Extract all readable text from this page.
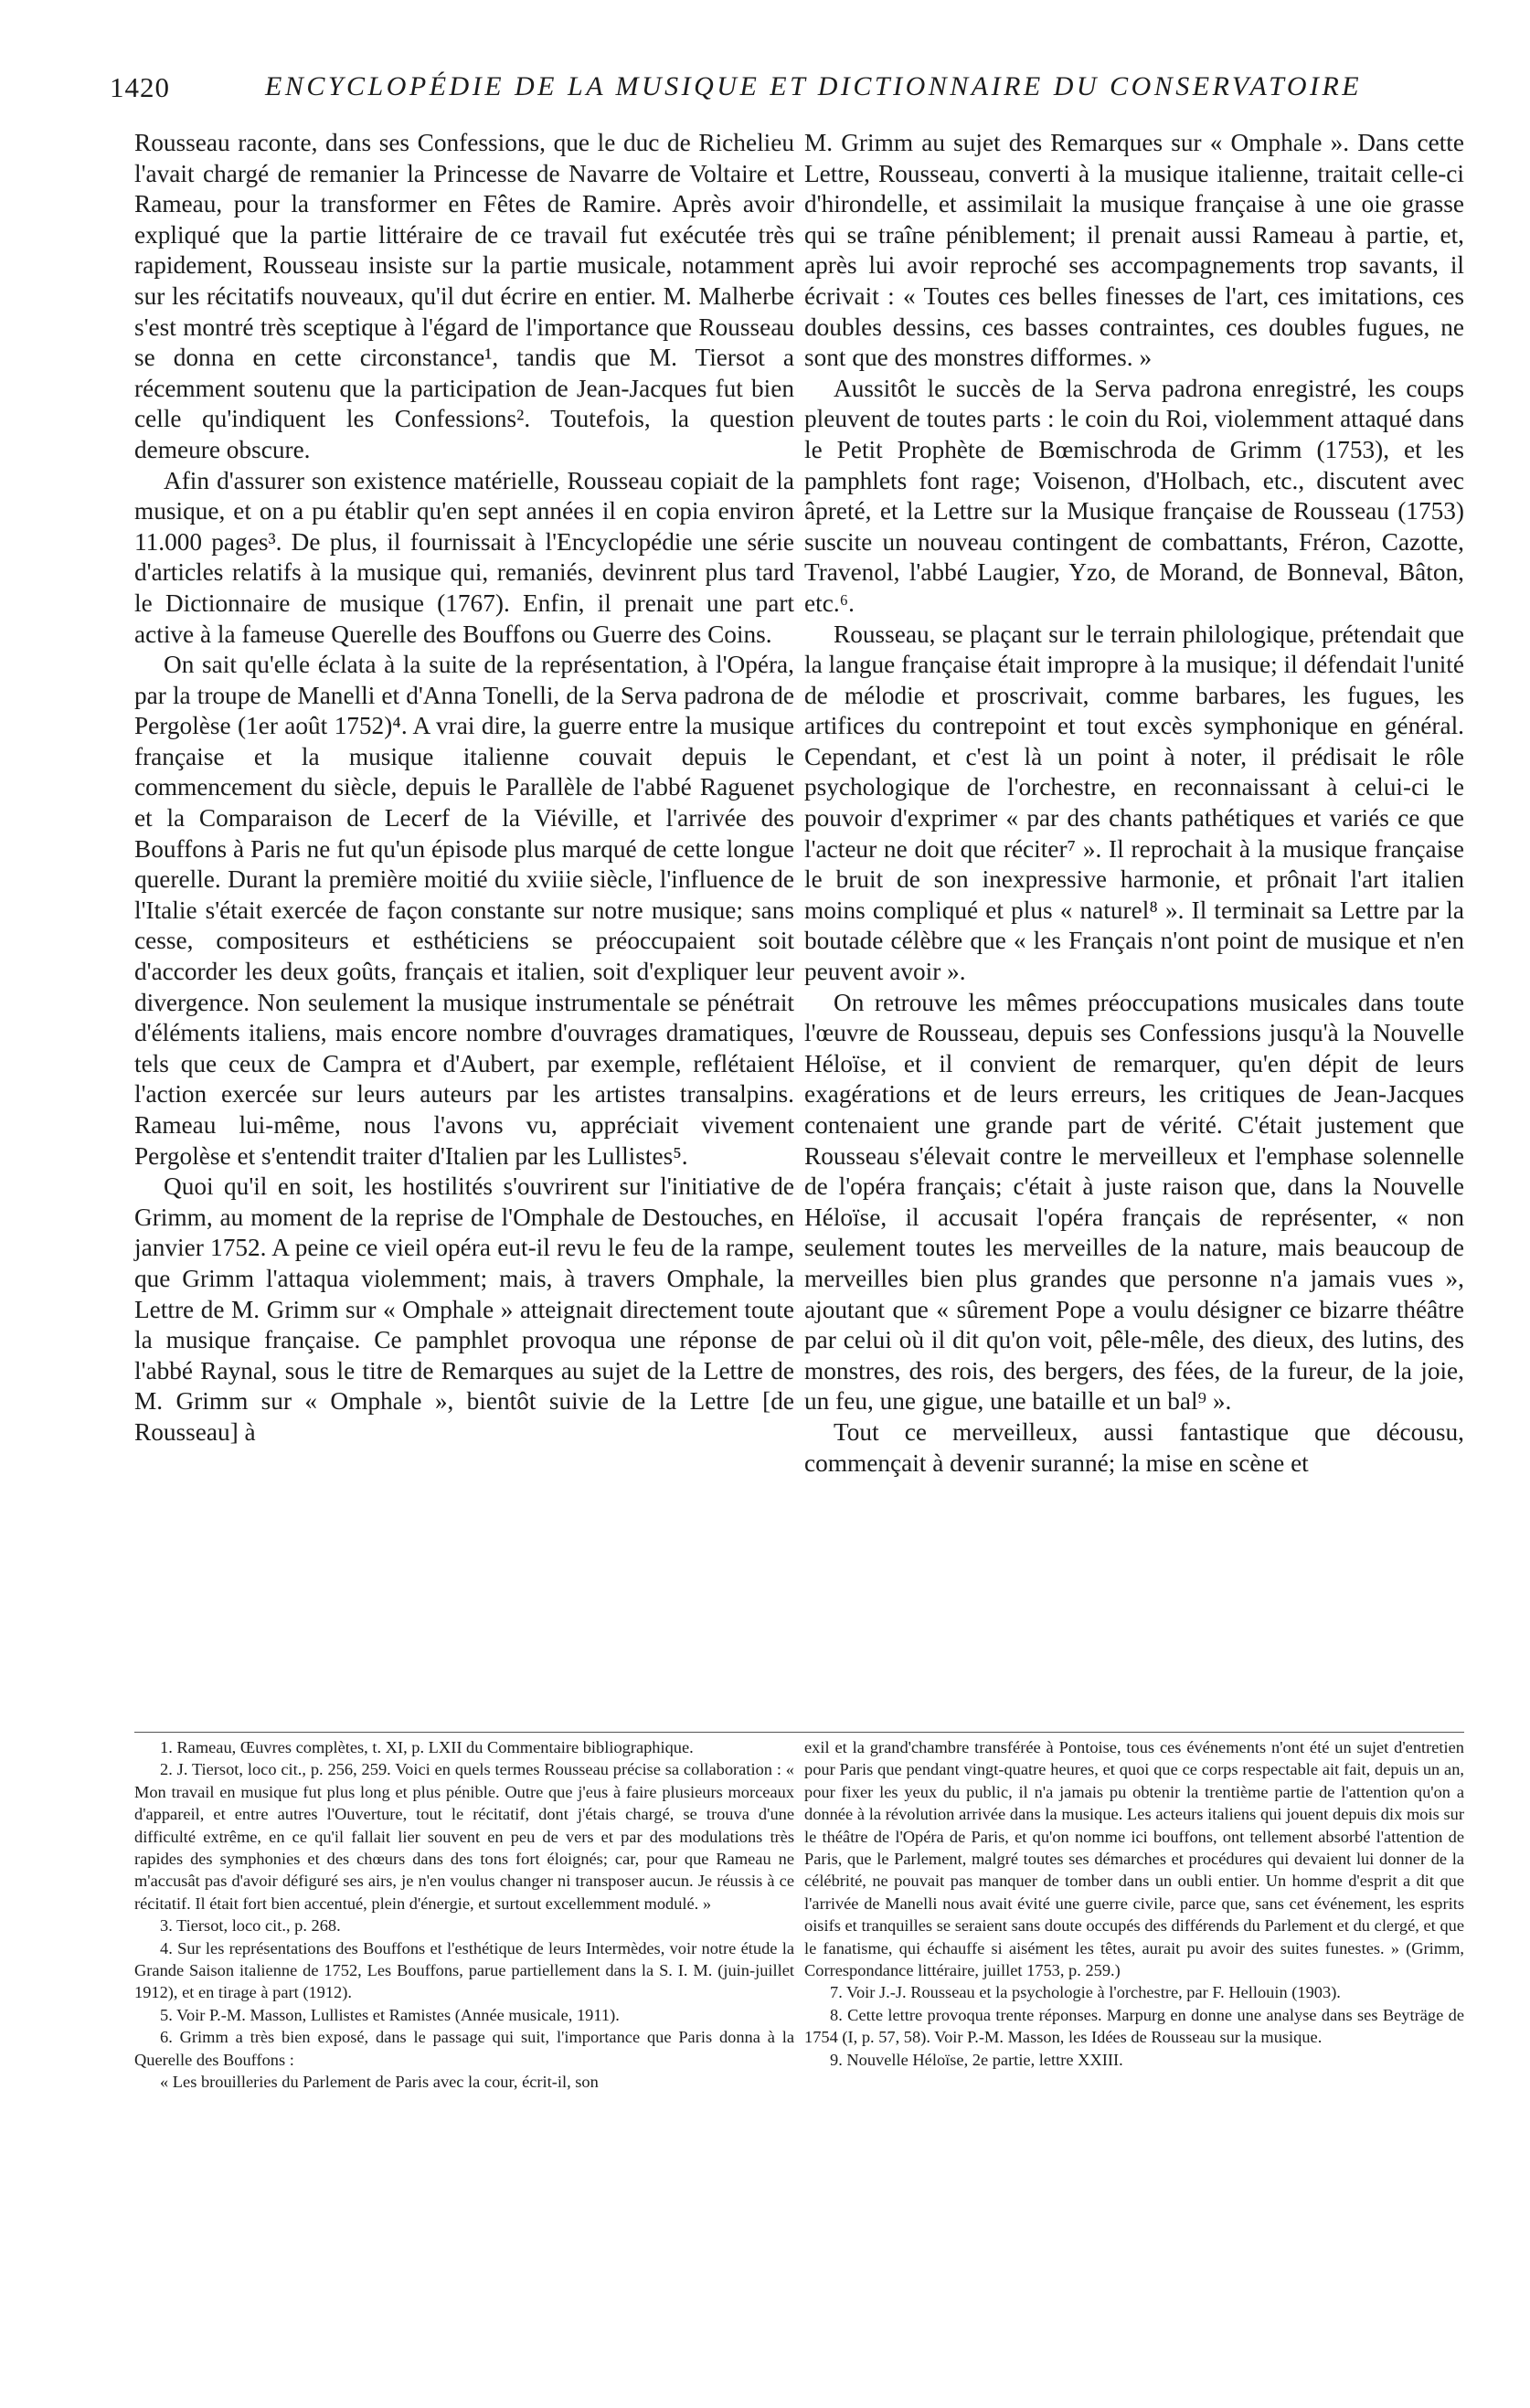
1420	ENCYCLOPÉDIE DE LA MUSIQUE ET DICTIONNAIRE DU CONSERVATOIRE

Rousseau raconte, dans ses Confessions, que le duc de Richelieu l'avait chargé de remanier la Princesse de Navarre de Voltaire et Rameau, pour la transformer en Fêtes de Ramire. Après avoir expliqué que la partie littéraire de ce travail fut exécutée très rapidement, Rousseau insiste sur la partie musicale, notamment sur les récitatifs nouveaux, qu'il dut écrire en entier. M. Malherbe s'est montré très sceptique à l'égard de l'importance que Rousseau se donna en cette circonstance¹, tandis que M. Tiersot a récemment soutenu que la participation de Jean-Jacques fut bien celle qu'indiquent les Confessions². Toutefois, la question demeure obscure.

Afin d'assurer son existence matérielle, Rousseau copiait de la musique, et on a pu établir qu'en sept années il en copia environ 11.000 pages³. De plus, il fournissait à l'Encyclopédie une série d'articles relatifs à la musique qui, remaniés, devinrent plus tard le Dictionnaire de musique (1767). Enfin, il prenait une part active à la fameuse Querelle des Bouffons ou Guerre des Coins.

On sait qu'elle éclata à la suite de la représentation, à l'Opéra, par la troupe de Manelli et d'Anna Tonelli, de la Serva padrona de Pergolèse (1er août 1752)⁴. A vrai dire, la guerre entre la musique française et la musique italienne couvait depuis le commencement du siècle, depuis le Parallèle de l'abbé Raguenet et la Comparaison de Lecerf de la Viéville, et l'arrivée des Bouffons à Paris ne fut qu'un épisode plus marqué de cette longue querelle. Durant la première moitié du xviiie siècle, l'influence de l'Italie s'était exercée de façon constante sur notre musique; sans cesse, compositeurs et esthéticiens se préoccupaient soit d'accorder les deux goûts, français et italien, soit d'expliquer leur divergence. Non seulement la musique instrumentale se pénétrait d'éléments italiens, mais encore nombre d'ouvrages dramatiques, tels que ceux de Campra et d'Aubert, par exemple, reflétaient l'action exercée sur leurs auteurs par les artistes transalpins. Rameau lui-même, nous l'avons vu, appréciait vivement Pergolèse et s'entendit traiter d'Italien par les Lullistes⁵.

Quoi qu'il en soit, les hostilités s'ouvrirent sur l'initiative de Grimm, au moment de la reprise de l'Omphale de Destouches, en janvier 1752. A peine ce vieil opéra eut-il revu le feu de la rampe, que Grimm l'attaqua violemment; mais, à travers Omphale, la Lettre de M. Grimm sur « Omphale » atteignait directement toute la musique française. Ce pamphlet provoqua une réponse de l'abbé Raynal, sous le titre de Remarques au sujet de la Lettre de M. Grimm sur « Omphale », bientôt suivie de la Lettre [de Rousseau] à

M. Grimm au sujet des Remarques sur « Omphale ». Dans cette Lettre, Rousseau, converti à la musique italienne, traitait celle-ci d'hirondelle, et assimilait la musique française à une oie grasse qui se traîne péniblement; il prenait aussi Rameau à partie, et, après lui avoir reproché ses accompagnements trop savants, il écrivait : « Toutes ces belles finesses de l'art, ces imitations, ces doubles dessins, ces basses contraintes, ces doubles fugues, ne sont que des monstres difformes. »

Aussitôt le succès de la Serva padrona enregistré, les coups pleuvent de toutes parts : le coin du Roi, violemment attaqué dans le Petit Prophète de Bœmischroda de Grimm (1753), et les pamphlets font rage; Voisenon, d'Holbach, etc., discutent avec âpreté, et la Lettre sur la Musique française de Rousseau (1753) suscite un nouveau contingent de combattants, Fréron, Cazotte, Travenol, l'abbé Laugier, Yzo, de Morand, de Bonneval, Bâton, etc.⁶.

Rousseau, se plaçant sur le terrain philologique, prétendait que la langue française était impropre à la musique; il défendait l'unité de mélodie et proscrivait, comme barbares, les fugues, les artifices du contrepoint et tout excès symphonique en général. Cependant, et c'est là un point à noter, il prédisait le rôle psychologique de l'orchestre, en reconnaissant à celui-ci le pouvoir d'exprimer « par des chants pathétiques et variés ce que l'acteur ne doit que réciter⁷ ». Il reprochait à la musique française le bruit de son inexpressive harmonie, et prônait l'art italien moins compliqué et plus « naturel⁸ ». Il terminait sa Lettre par la boutade célèbre que « les Français n'ont point de musique et n'en peuvent avoir ».

On retrouve les mêmes préoccupations musicales dans toute l'œuvre de Rousseau, depuis ses Confessions jusqu'à la Nouvelle Héloïse, et il convient de remarquer, qu'en dépit de leurs exagérations et de leurs erreurs, les critiques de Jean-Jacques contenaient une grande part de vérité. C'était justement que Rousseau s'élevait contre le merveilleux et l'emphase solennelle de l'opéra français; c'était à juste raison que, dans la Nouvelle Héloïse, il accusait l'opéra français de représenter, « non seulement toutes les merveilles de la nature, mais beaucoup de merveilles bien plus grandes que personne n'a jamais vues », ajoutant que « sûrement Pope a voulu désigner ce bizarre théâtre par celui où il dit qu'on voit, pêle-mêle, des dieux, des lutins, des monstres, des rois, des bergers, des fées, de la fureur, de la joie, un feu, une gigue, une bataille et un bal⁹ ».

Tout ce merveilleux, aussi fantastique que décousu, commençait à devenir suranné; la mise en scène et

1. Rameau, Œuvres complètes, t. XI, p. LXII du Commentaire bibliographique.

2. J. Tiersot, loco cit., p. 256, 259. Voici en quels termes Rousseau précise sa collaboration : « Mon travail en musique fut plus long et plus pénible. Outre que j'eus à faire plusieurs morceaux d'appareil, et entre autres l'Ouverture, tout le récitatif, dont j'étais chargé, se trouva d'une difficulté extrême, en ce qu'il fallait lier souvent en peu de vers et par des modulations très rapides des symphonies et des chœurs dans des tons fort éloignés; car, pour que Rameau ne m'accusât pas d'avoir défiguré ses airs, je n'en voulus changer ni transposer aucun. Je réussis à ce récitatif. Il était fort bien accentué, plein d'énergie, et surtout excellemment modulé. »

3. Tiersot, loco cit., p. 268.

4. Sur les représentations des Bouffons et l'esthétique de leurs Intermèdes, voir notre étude la Grande Saison italienne de 1752, Les Bouffons, parue partiellement dans la S. I. M. (juin-juillet 1912), et en tirage à part (1912).

5. Voir P.-M. Masson, Lullistes et Ramistes (Année musicale, 1911).

6. Grimm a très bien exposé, dans le passage qui suit, l'importance que Paris donna à la Querelle des Bouffons :

« Les brouilleries du Parlement de Paris avec la cour, écrit-il, son

exil et la grand'chambre transférée à Pontoise, tous ces événements n'ont été un sujet d'entretien pour Paris que pendant vingt-quatre heures, et quoi que ce corps respectable ait fait, depuis un an, pour fixer les yeux du public, il n'a jamais pu obtenir la trentième partie de l'attention qu'on a donnée à la révolution arrivée dans la musique. Les acteurs italiens qui jouent depuis dix mois sur le théâtre de l'Opéra de Paris, et qu'on nomme ici bouffons, ont tellement absorbé l'attention de Paris, que le Parlement, malgré toutes ses démarches et procédures qui devaient lui donner de la célébrité, ne pouvait pas manquer de tomber dans un oubli entier. Un homme d'esprit a dit que l'arrivée de Manelli nous avait évité une guerre civile, parce que, sans cet événement, les esprits oisifs et tranquilles se seraient sans doute occupés des différends du Parlement et du clergé, et que le fanatisme, qui échauffe si aisément les têtes, aurait pu avoir des suites funestes. » (Grimm, Correspondance littéraire, juillet 1753, p. 259.)

7. Voir J.-J. Rousseau et la psychologie à l'orchestre, par F. Hellouin (1903).

8. Cette lettre provoqua trente réponses. Marpurg en donne une analyse dans ses Beyträge de 1754 (I, p. 57, 58). Voir P.-M. Masson, les Idées de Rousseau sur la musique.

9. Nouvelle Héloïse, 2e partie, lettre XXIII.
